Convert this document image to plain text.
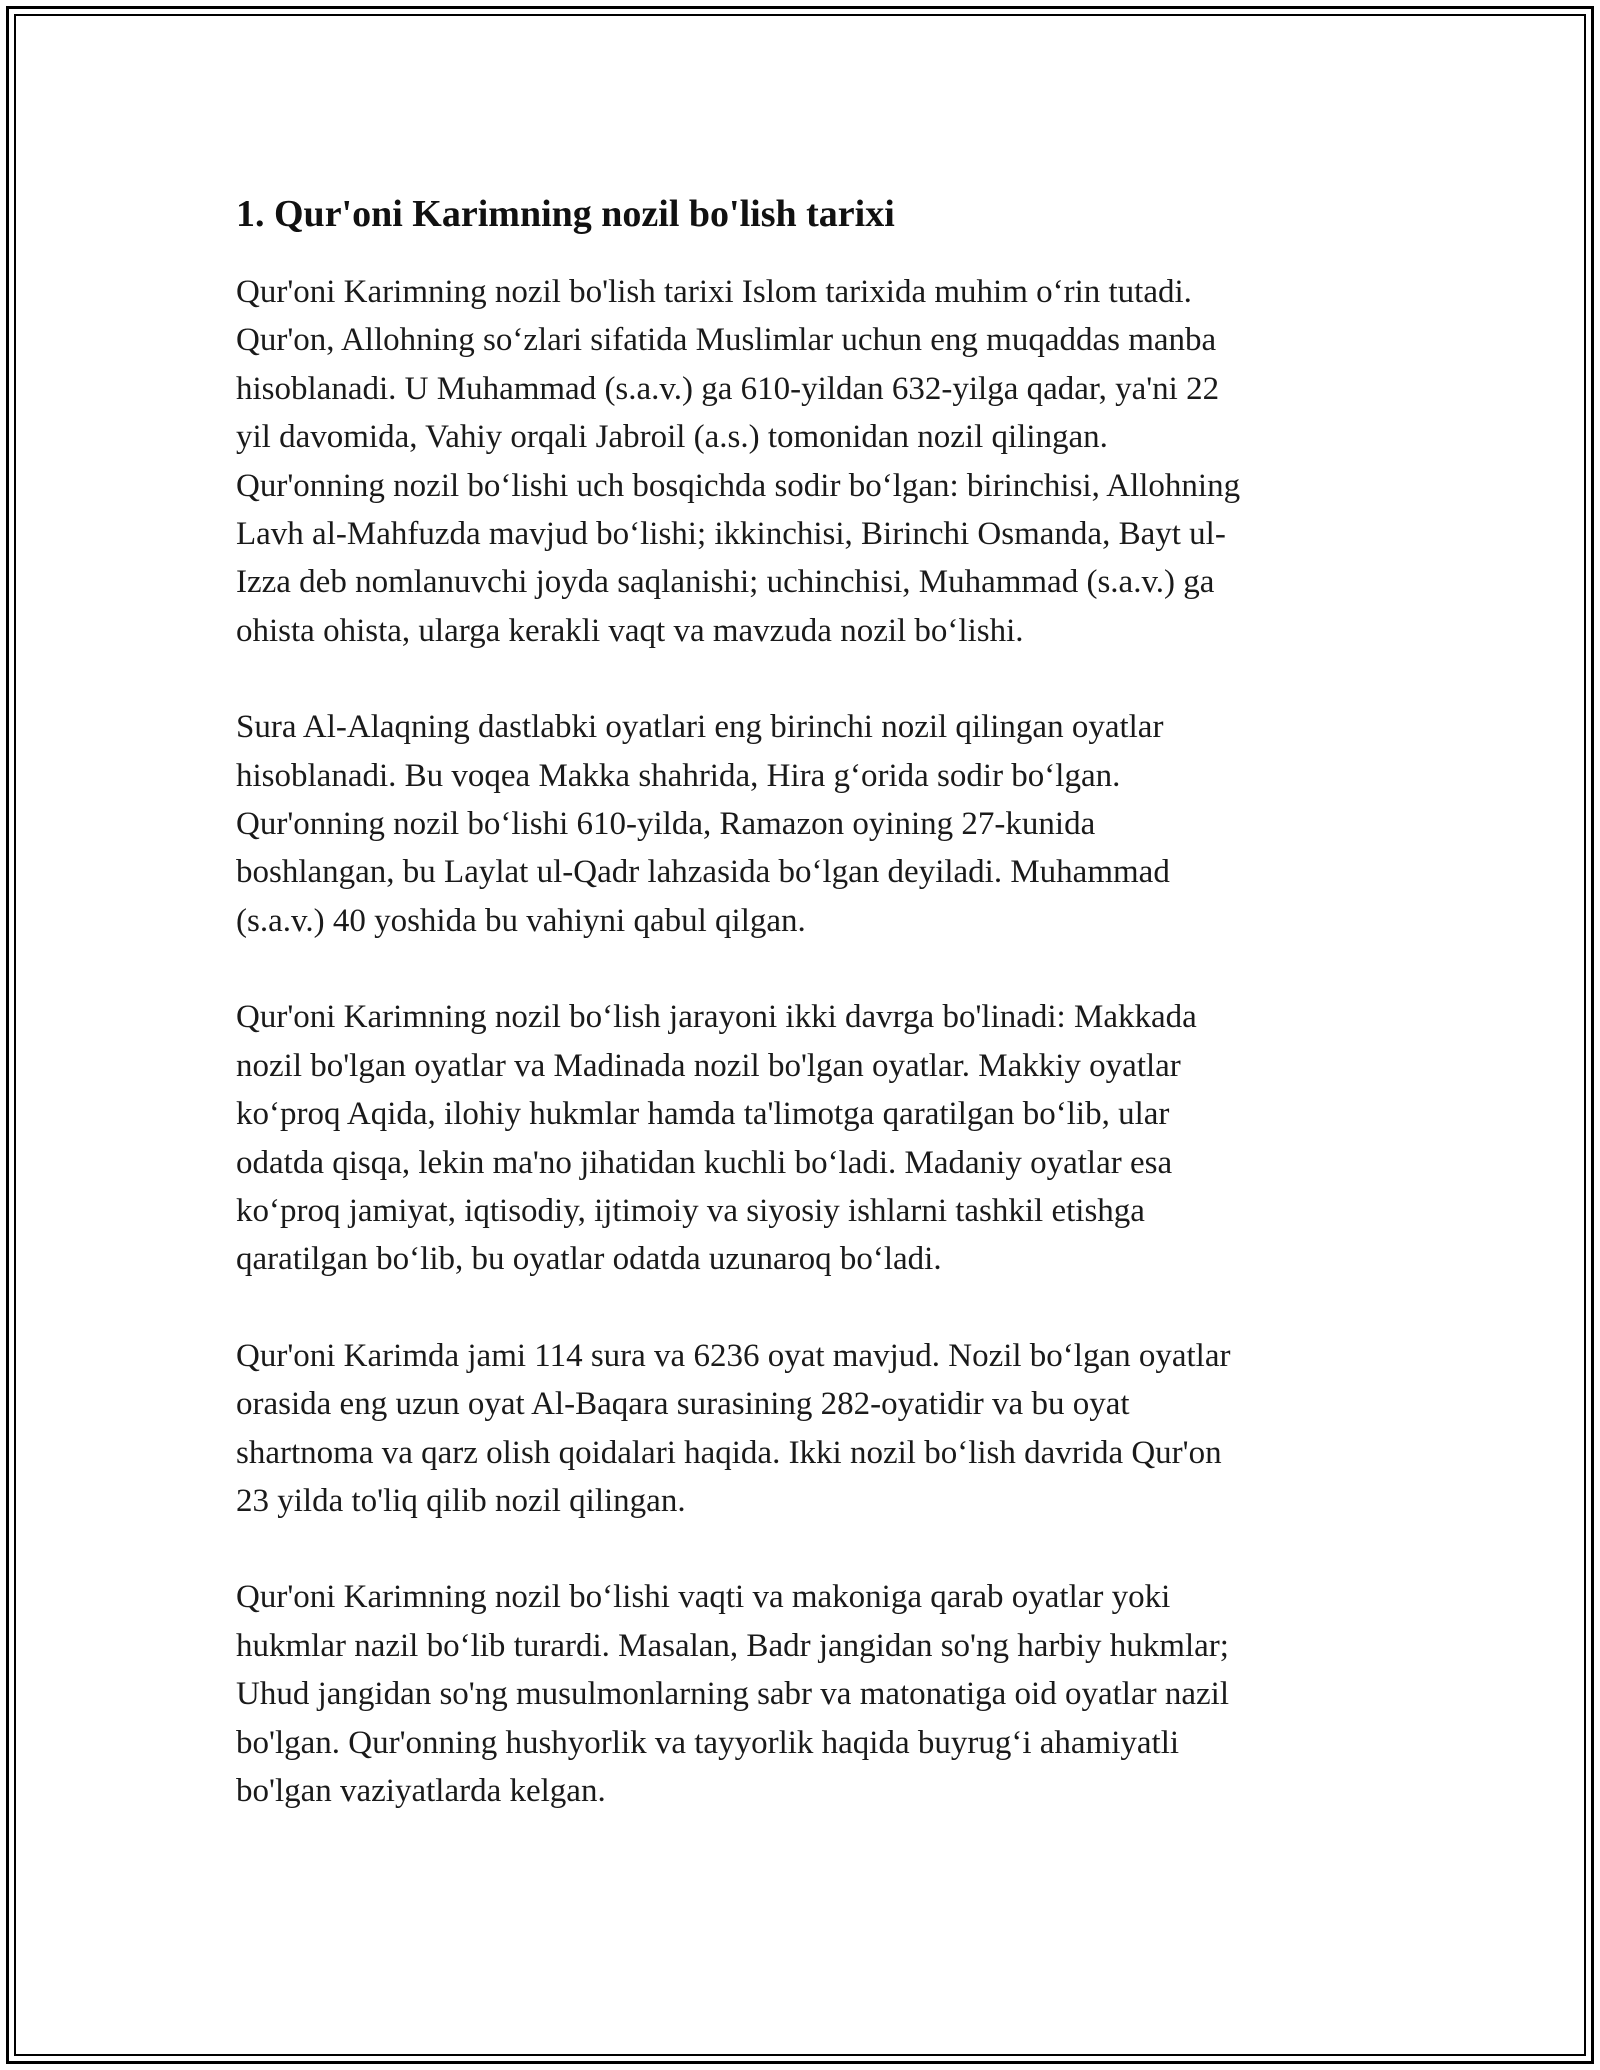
1. Qur'oni Karimning nozil bo'lish tarixi

Qur'oni Karimning nozil bo'lish tarixi Islom tarixida muhim o‘rin tutadi.
Qur'on, Allohning so‘zlari sifatida Muslimlar uchun eng muqaddas manba
hisoblanadi. U Muhammad (s.a.v.) ga 610-yildan 632-yilga qadar, ya'ni 22
yil davomida, Vahiy orqali Jabroil (a.s.) tomonidan nozil qilingan.
Qur'onning nozil bo‘lishi uch bosqichda sodir bo‘lgan: birinchisi, Allohning
Lavh al-Mahfuzda mavjud bo‘lishi; ikkinchisi, Birinchi Osmanda, Bayt ul-
Izza deb nomlanuvchi joyda saqlanishi; uchinchisi, Muhammad (s.a.v.) ga
ohista ohista, ularga kerakli vaqt va mavzuda nozil bo‘lishi.

Sura Al-Alaqning dastlabki oyatlari eng birinchi nozil qilingan oyatlar
hisoblanadi. Bu voqea Makka shahrida, Hira g‘orida sodir bo‘lgan.
Qur'onning nozil bo‘lishi 610-yilda, Ramazon oyining 27-kunida
boshlangan, bu Laylat ul-Qadr lahzasida bo‘lgan deyiladi. Muhammad
(s.a.v.) 40 yoshida bu vahiyni qabul qilgan.

Qur'oni Karimning nozil bo‘lish jarayoni ikki davrga bo'linadi: Makkada
nozil bo'lgan oyatlar va Madinada nozil bo'lgan oyatlar. Makkiy oyatlar
ko‘proq Aqida, ilohiy hukmlar hamda ta'limotga qaratilgan bo‘lib, ular
odatda qisqa, lekin ma'no jihatidan kuchli bo‘ladi. Madaniy oyatlar esa
ko‘proq jamiyat, iqtisodiy, ijtimoiy va siyosiy ishlarni tashkil etishga
qaratilgan bo‘lib, bu oyatlar odatda uzunaroq bo‘ladi.

Qur'oni Karimda jami 114 sura va 6236 oyat mavjud. Nozil bo‘lgan oyatlar
orasida eng uzun oyat Al-Baqara surasining 282-oyatidir va bu oyat
shartnoma va qarz olish qoidalari haqida. Ikki nozil bo‘lish davrida Qur'on
23 yilda to'liq qilib nozil qilingan.

Qur'oni Karimning nozil bo‘lishi vaqti va makoniga qarab oyatlar yoki
hukmlar nazil bo‘lib turardi. Masalan, Badr jangidan so'ng harbiy hukmlar;
Uhud jangidan so'ng musulmonlarning sabr va matonatiga oid oyatlar nazil
bo'lgan. Qur'onning hushyorlik va tayyorlik haqida buyrug‘i ahamiyatli
bo'lgan vaziyatlarda kelgan.
